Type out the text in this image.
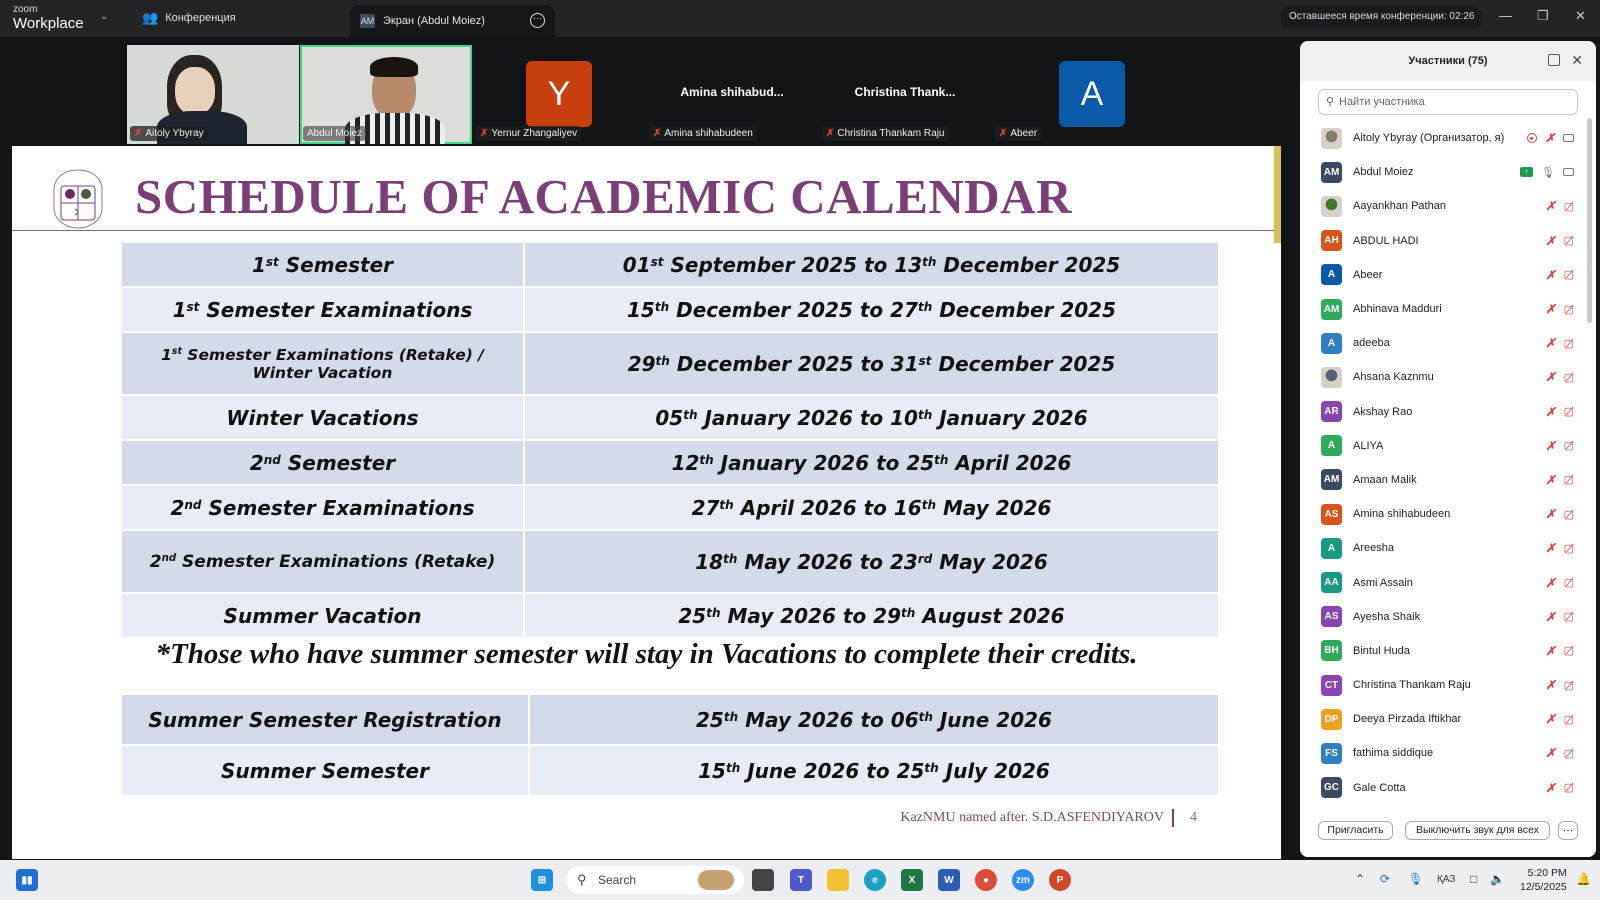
zoom
Workplace ⌄	👥 Конференция	AM Экран (Abdul Moiez)	···	Оставшееся время конференции: 02:26	— ❐ ✕
✗ Aitoly Ybyray	Abdul Moiez
Y
✗ Yernur Zhangaliyev
Amina shihabud...
✗ Amina shihabudeen
Christina Thank...
✗ Christina Thankam Raju
A
✗ Abeer
SCHEDULE OF ACADEMIC CALENDAR
1st Semester	01st September 2025 to 13th December 2025
1st Semester Examinations	15th December 2025 to 27th December 2025
1st Semester Examinations (Retake) / Winter Vacation	29th December 2025 to 31st December 2025
Winter Vacations	05th January 2026 to 10th January 2026
2nd Semester	12th January 2026 to 25th April 2026
2nd Semester Examinations	27th April 2026 to 16th May 2026
2nd Semester Examinations (Retake)	18th May 2026 to 23rd May 2026
Summer Vacation	25th May 2026 to 29th August 2026
*Those who have summer semester will stay in Vacations to complete their credits.
Summer Semester Registration	25th May 2026 to 06th June 2026
Summer Semester	15th June 2026 to 25th July 2026
KazNMU named after. S.D.ASFENDIYAROV 4
Участники (75)	✕
⚲ Найти участника
Aitoly Ybyray (Организатор, я)	✗
AM Abdul Moiez	↑	🎙
Aayankhan Pathan	✗ ▢̸
AH ABDUL HADI	✗ ▢̸
A	Abeer	✗ ▢̸
AM Abhinava Madduri	✗ ▢̸
A	adeeba	✗ ▢̸
Ahsana Kaznmu	✗ ▢̸
AR Akshay Rao	✗ ▢̸
A	ALIYA	✗ ▢̸
AM Amaan Malik	✗ ▢̸
AS	Amina shihabudeen	✗ ▢̸
A	Areesha	✗ ▢̸
AA Asmi Assain	✗ ▢̸
AS	Ayesha Shaik	✗ ▢̸
BH Bintul Huda	✗ ▢̸
CT	Christina Thankam Raju	✗ ▢̸
DP	Deeya Pirzada Iftikhar	✗ ▢̸
FS	fathima siddique	✗ ▢̸
GC Gale Cotta	✗ ▢̸
Пригласить	Выключить звук для всех	···
▮▮	⊞	⚲ Search	T	e	X	W	●	zm	P	⌃ ⟳ 🎙 ҚАЗ □ 🔈	5:20 PM
12/5/2025
🔔
